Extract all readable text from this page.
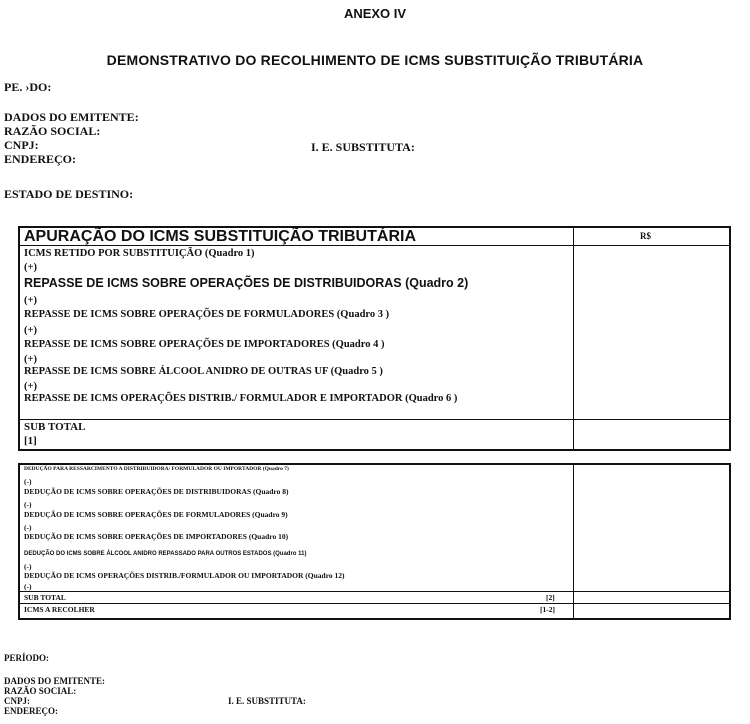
ANEXO IV
DEMONSTRATIVO DO RECOLHIMENTO DE ICMS SUBSTITUIÇÃO TRIBUTÁRIA
PE. ›DO:
DADOS DO EMITENTE:
RAZÃO SOCIAL:
CNPJ:	I. E. SUBSTITUTA:
ENDEREÇO:
ESTADO DE DESTINO:
APURAÇÃO DO ICMS SUBSTITUIÇÃO TRIBUTÁRIA	R$
ICMS RETIDO POR SUBSTITUIÇÃO (Quadro 1)
(+)
REPASSE DE ICMS SOBRE OPERAÇÕES DE DISTRIBUIDORAS (Quadro 2)
(+)
REPASSE DE ICMS SOBRE OPERAÇÕES DE FORMULADORES (Quadro 3 )
(+)
REPASSE DE ICMS SOBRE OPERAÇÕES DE IMPORTADORES (Quadro 4 )
(+)
REPASSE DE ICMS SOBRE ÁLCOOL ANIDRO DE OUTRAS UF (Quadro 5 )
(+)
REPASSE DE ICMS OPERAÇÕES DISTRIB./ FORMULADOR E IMPORTADOR (Quadro 6 )
SUB TOTAL
[1]
DEDUÇÃO PARA RESSARCIMENTO A DISTRIBUIDORA/ FORMULADOR OU IMPORTADOR (Quadro 7)
(-)
DEDUÇÃO DE ICMS SOBRE OPERAÇÕES DE DISTRIBUIDORAS (Quadro 8)
(-)
DEDUÇÃO DE ICMS SOBRE OPERAÇÕES DE FORMULADORES (Quadro 9)
(-)
DEDUÇÃO DE ICMS SOBRE OPERAÇÕES DE IMPORTADORES (Quadro 10)
DEDUÇÃO DO ICMS SOBRE ÁLCOOL ANIDRO REPASSADO PARA OUTROS ESTADOS (Quadro 11)
(-)
DEDUÇÃO DE ICMS OPERAÇÕES DISTRIB./FORMULADOR OU IMPORTADOR (Quadro 12)
(-)
SUB TOTAL	[2]
ICMS A RECOLHER	[1-2]
PERÍODO:
DADOS DO EMITENTE:
RAZÃO SOCIAL:
CNPJ:	I. E. SUBSTITUTA:
ENDEREÇO:
